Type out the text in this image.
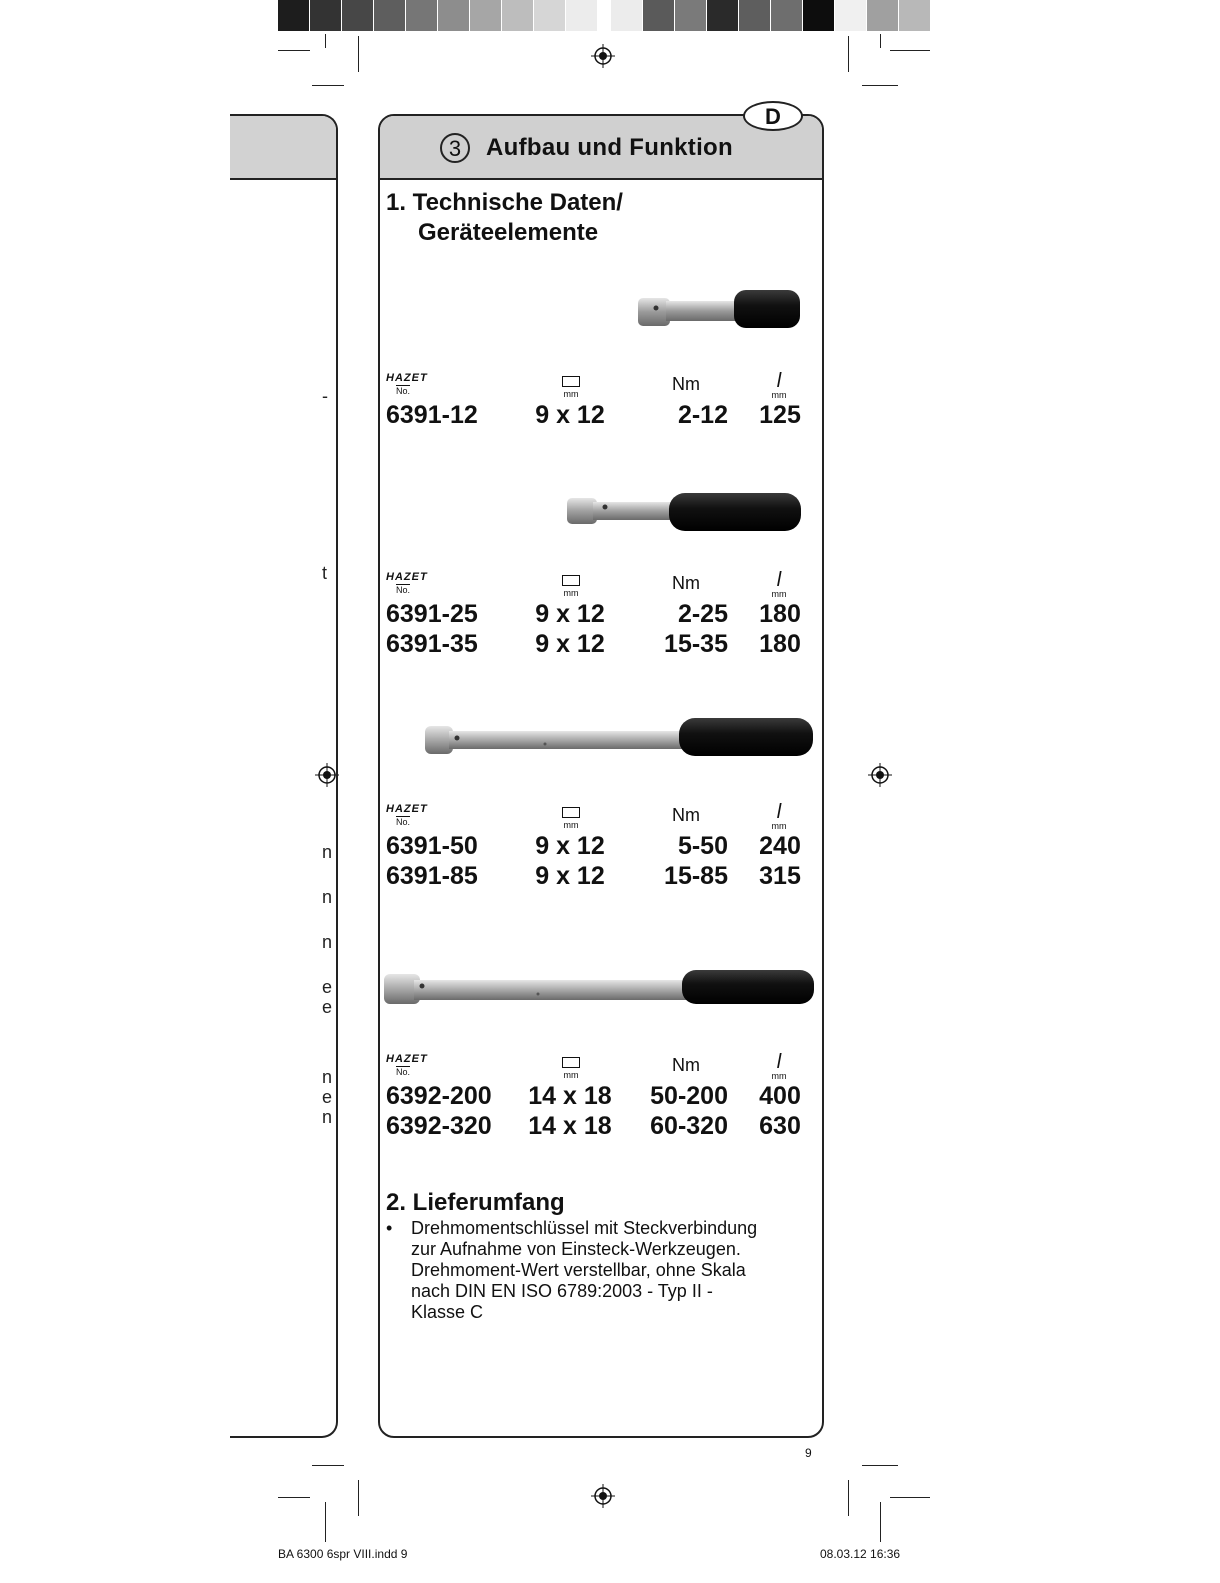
-
t
n
n
n
e
e
n
e
n
3	Aufbau und Funktion
D
1. Technische Daten/
Geräteelemente
HAZET
No.	mm	Nm	l
mm
6391-12	9 x 12	2-12	125
HAZET
No.	mm	Nm	l
mm
6391-25	9 x 12	2-25	180
6391-35	9 x 12	15-35	180
HAZET
No.	mm	Nm	l
mm
6391-50	9 x 12	5-50	240
6391-85	9 x 12	15-85	315
HAZET
No.	mm	Nm	l
mm
6392-200	14 x 18	50-200	400
6392-320	14 x 18	60-320	630
2. Lieferumfang
• Drehmomentschlüssel mit Steckverbindung
zur Aufnahme von Einsteck-Werkzeugen.
Drehmoment-Wert verstellbar, ohne Skala
nach DIN EN ISO 6789:2003 - Typ II -
Klasse C
9
BA 6300 6spr VIII.indd 9	08.03.12 16:36
